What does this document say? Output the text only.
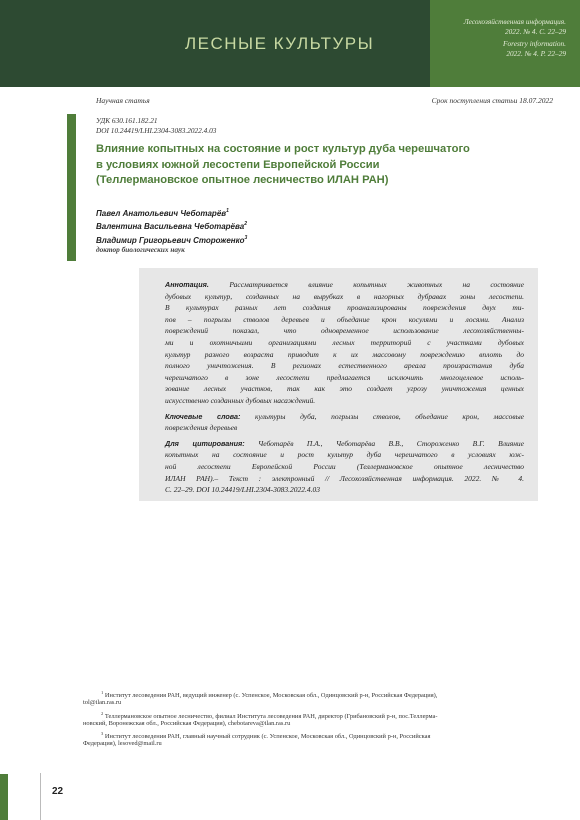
ЛЕСНЫЕ КУЛЬТУРЫ
Лесохозяйственная информация.
2022. № 4. С. 22–29
Forestry information.
2022. № 4. P. 22–29
Научная статья	Срок поступления статьи 18.07.2022
УДК 630.161.182.21
DOI 10.24419/LHI.2304-3083.2022.4.03
Влияние копытных на состояние и рост культур дуба черешчатого
в условиях южной лесостепи Европейской России
(Теллермановское опытное лесничество ИЛАН РАН)
Павел Анатольевич Чеботарёв$^1$
Валентина Васильевна Чеботарёва$^2$
Владимир Григорьевич Стороженко$^3$
доктор биологических наук
Аннотация. Рассматривается влияние копытных животных на состояние
дубовых культур, созданных на вырубках в нагорных дубравах зоны лесостепи.
В культурах разных лет создания проанализированы повреждения двух ти-
пов – погрызы стволов деревьев и объедание крон косулями и лосями. Анализ
повреждений показал, что одновременное использование лесохозяйственны-
ми и охотничьими организациями лесных территорий с участками дубовых
культур разного возраста приводит к их массовому повреждению вплоть до
полного уничтожения. В регионах естественного ареала произрастания дуба
черешчатого в зоне лесостепи предлагается исключить многоцелевое исполь-
зование лесных участков, так как это создает угрозу уничтожения ценных
искусственно созданных дубовых насаждений.
Ключевые слова: культуры дуба, погрызы стволов, объедание крон, массовые
повреждения деревьев
Для цитирования: Чеботарёв П.А., Чеботарёва В.В., Стороженко В.Г. Влияние
копытных на состояние и рост культур дуба черешчатого в условиях юж-
ной лесостепи Европейской России (Теллермановское опытное лесничество
ИЛАН РАН).– Текст : электронный // Лесохозяйственная информация. 2022. № 4.
С. 22–29. DOI 10.24419/LHI.2304-3083.2022.4.03
$^1$ Институт лесоведения РАН, ведущий инженер (с. Успенское, Московская обл., Одинцовский р-н, Российская Федерация),
tol@ilan.ras.ru
$^2$ Теллермановское опытное лесничество, филиал Института лесоведения РАН, директор (Грибановский р-н, пос.Теллерма-
новский, Воронежская обл., Российская Федерация), chebotareva@ilan.ras.ru
$^3$ Институт лесоведения РАН, главный научный сотрудник (с. Успенское, Московская обл., Одинцовский р-н, Российская
Федерация), lesoved@mail.ru
22
